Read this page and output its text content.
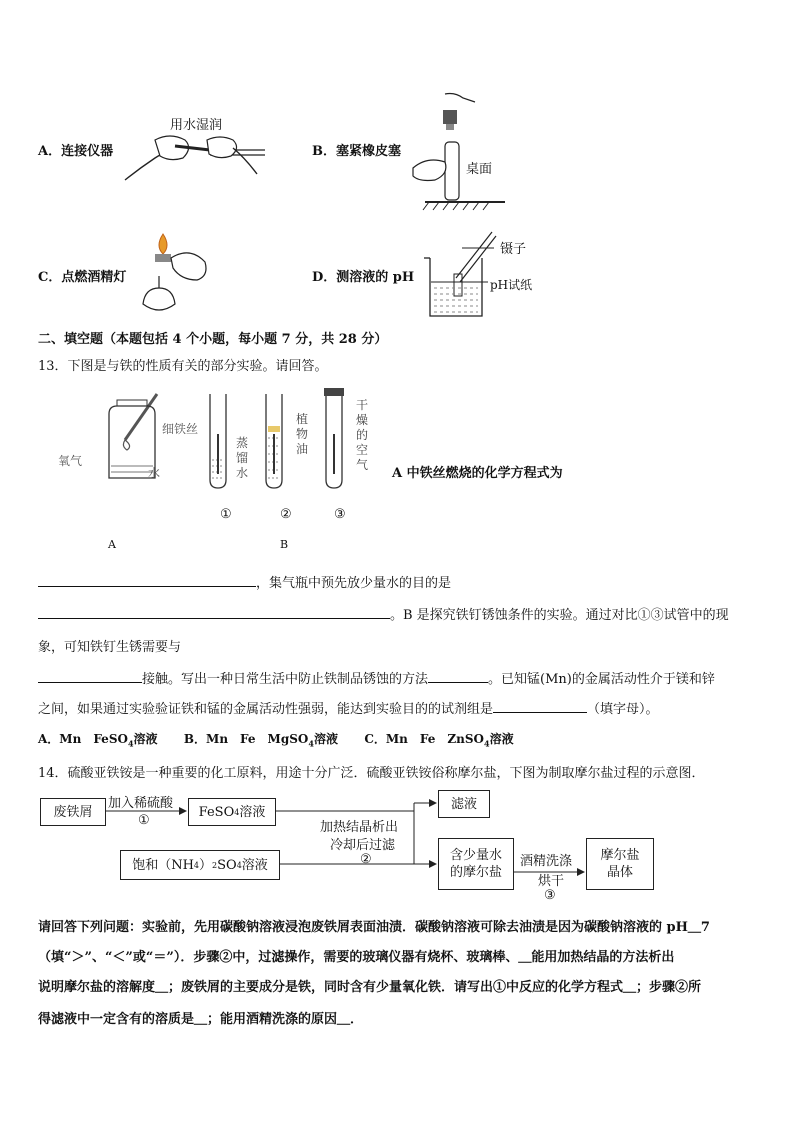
A．连接仪器
用水湿润
B．塞紧橡皮塞
桌面
C．点燃酒精灯	D．测溶液的 pH
镊子
pH试纸
二、填空题（本题包括 4 个小题，每小题 7 分，共 28 分）
13．下图是与铁的性质有关的部分实验。请回答。
氧气
细铁丝
水
A
蒸馏水
植物油
干燥的空气
①	②	③
B
A 中铁丝燃烧的化学方程式为
，集气瓶中预先放少量水的目的是
。B 是探究铁钉锈蚀条件的实验。通过对比①③试管中的现
象，可知铁钉生锈需要与
接触。写出一种日常生活中防止铁制品锈蚀的方法	。已知锰(Mn)的金属活动性介于镁和锌
之间，如果通过实验验证铁和锰的金属活动性强弱，能达到实验目的的试剂组是	（填字母）。
A．Mn　FeSO$_4$溶液 B．Mn　Fe　MgSO$_4$溶液 C．Mn　Fe　ZnSO$_4$溶液
14．硫酸亚铁铵是一种重要的化工原料，用途十分广泛．硫酸亚铁铵俗称摩尔盐，下图为制取摩尔盐过程的示意图．
废铁屑
加入稀硫酸
①
FeSO 4 溶液
饱和（NH 4 ） 2 SO 4 溶液
加热结晶析出
冷却后过滤
②
滤液
含少量水
的摩尔盐
酒精洗涤
烘干
③
摩尔盐
晶体
请回答下列问题：实验前，先用碳酸钠溶液浸泡废铁屑表面油渍．碳酸钠溶液可除去油渍是因为碳酸钠溶液的 pH＿7
（填“＞”、“＜”或“＝”）．步骤②中，过滤操作，需要的玻璃仪器有烧杯、玻璃棒、＿能用加热结晶的方法析出
说明摩尔盐的溶解度＿；废铁屑的主要成分是铁，同时含有少量氧化铁．请写出①中反应的化学方程式＿；步骤②所
得滤液中一定含有的溶质是＿；能用酒精洗涤的原因＿．
